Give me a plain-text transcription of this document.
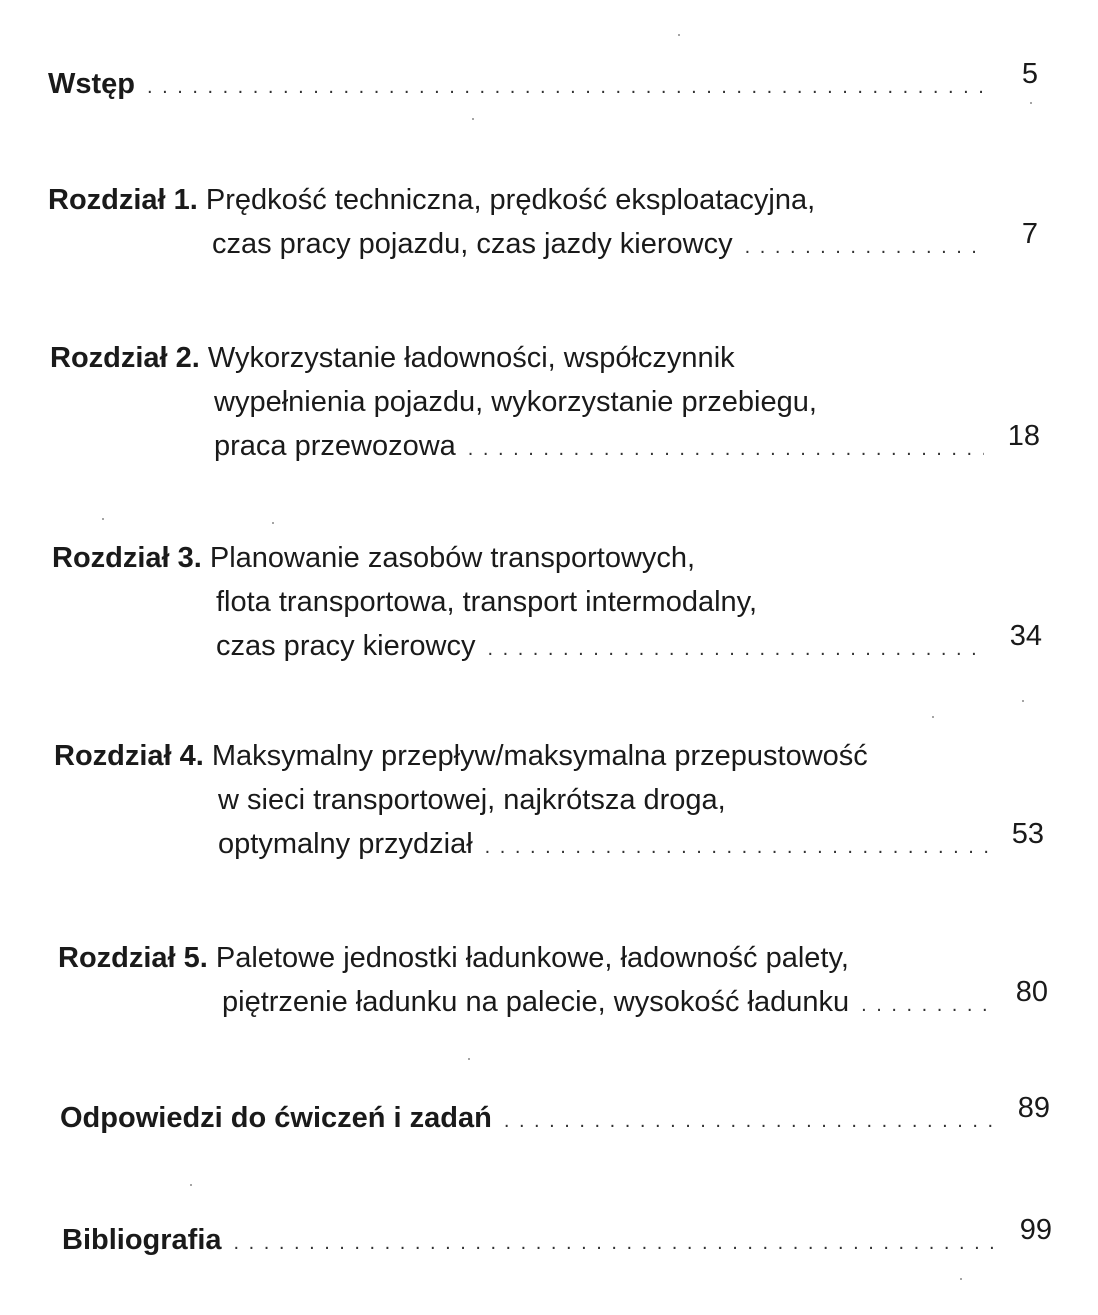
Wstęp . . .	5
Rozdział 1. Prędkość techniczna, prędkość eksploatacyjna,
czas pracy pojazdu, czas jazdy kierowcy . . .	7
Rozdział 2. Wykorzystanie ładowności, współczynnik
wypełnienia pojazdu, wykorzystanie przebiegu,
praca przewozowa . . .	18
Rozdział 3. Planowanie zasobów transportowych,
flota transportowa, transport intermodalny,
czas pracy kierowcy . . .	34
Rozdział 4. Maksymalny przepływ/maksymalna przepustowość
w sieci transportowej, najkrótsza droga,
optymalny przydział . . .	53
Rozdział 5. Paletowe jednostki ładunkowe, ładowność palety,
piętrzenie ładunku na palecie, wysokość ładunku . . .	80
Odpowiedzi do ćwiczeń i zadań . . .	89
Bibliografia . . .	99
